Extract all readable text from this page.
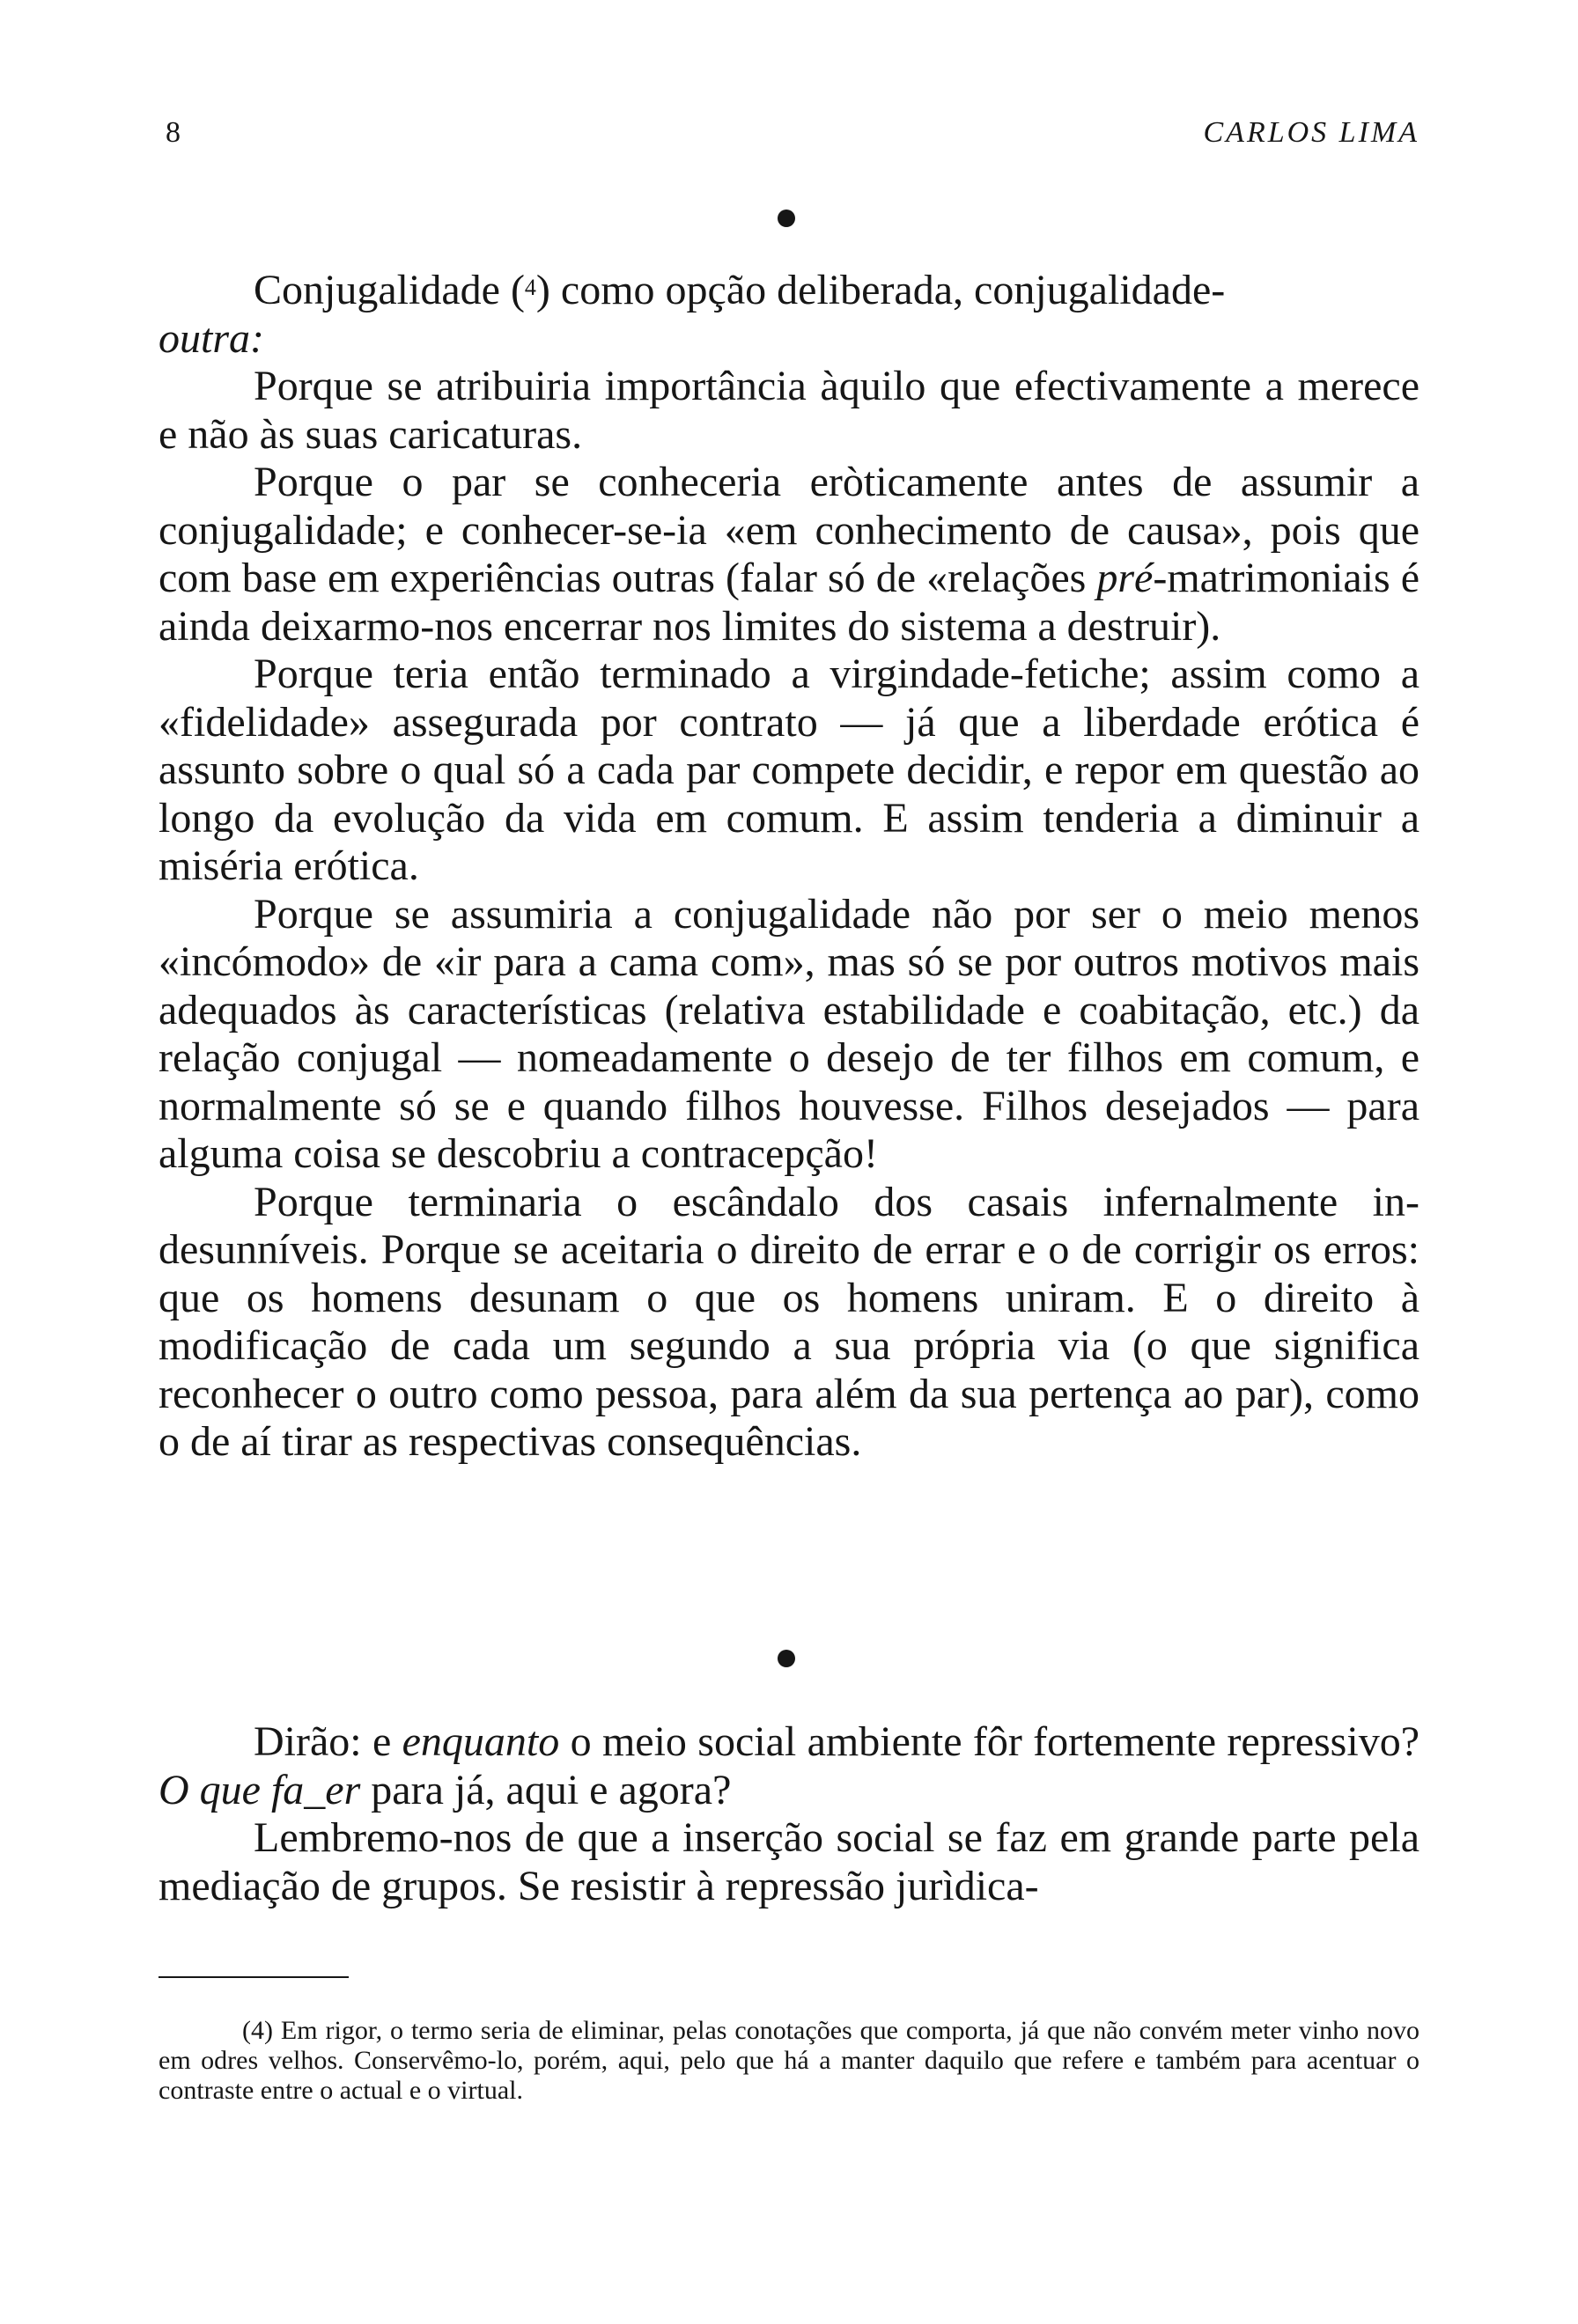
8	CARLOS LIMA

Conjugalidade ($^4$) como opção deliberada, conjugalidade-
outra:

Porque se atribuiria importância àquilo que efectivamente a merece e não às suas caricaturas.

Porque o par se conheceria eròticamente antes de assumir a conjugalidade; e conhecer-se-ia «em conhecimento de causa», pois que com base em experiências outras (falar só de «relações pré-matrimoniais é ainda deixarmo-nos encerrar nos limites do sistema a destruir).

Porque teria então terminado a virgindade-fetiche; assim como a «fidelidade» assegurada por contrato — já que a liberdade erótica é assunto sobre o qual só a cada par compete decidir, e repor em questão ao longo da evolução da vida em comum. E assim tenderia a diminuir a miséria erótica.

Porque se assumiria a conjugalidade não por ser o meio menos «incómodo» de «ir para a cama com», mas só se por outros motivos mais adequados às características (relativa estabilidade e coabitação, etc.) da relação conjugal — nomeadamente o desejo de ter filhos em comum, e normalmente só se e quando filhos houvesse. Filhos desejados — para alguma coisa se descobriu a contracepção!

Porque terminaria o escândalo dos casais infernalmente in-desunníveis. Porque se aceitaria o direito de errar e o de corrigir os erros: que os homens desunam o que os homens uniram. E o direito à modificação de cada um segundo a sua própria via (o que significa reconhecer o outro como pessoa, para além da sua pertença ao par), como o de aí tirar as respectivas consequências.

Dirão: e enquanto o meio social ambiente fôr fortemente repressivo? O que fa_er para já, aqui e agora?

Lembremo-nos de que a inserção social se faz em grande parte pela mediação de grupos. Se resistir à repressão jurìdica-

(4) Em rigor, o termo seria de eliminar, pelas conotações que comporta, já que não convém meter vinho novo em odres velhos. Conservêmo-lo, porém, aqui, pelo que há a manter daquilo que refere e também para acentuar o contraste entre o actual e o virtual.
